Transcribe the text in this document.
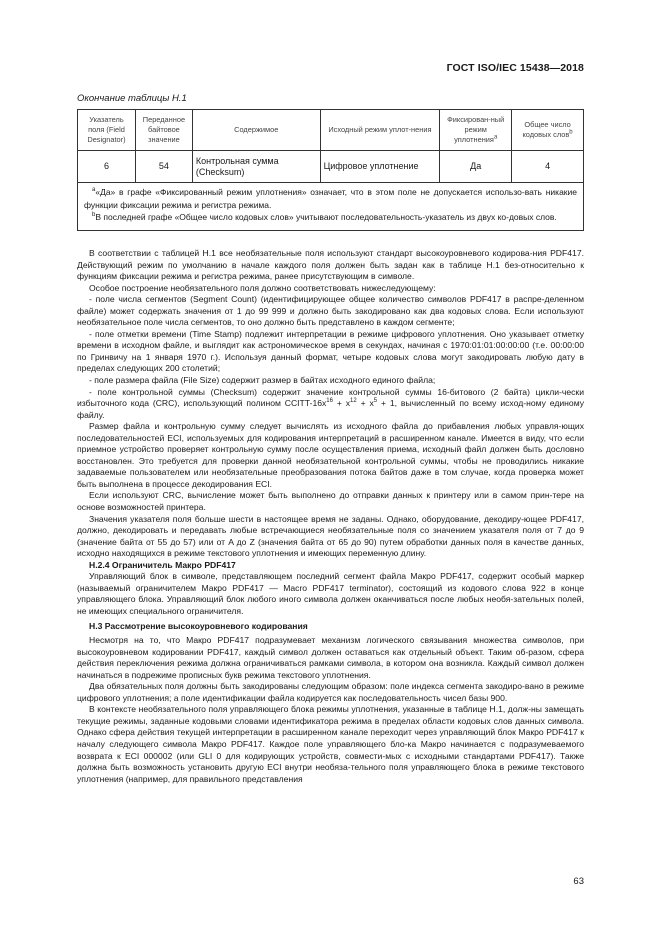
ГОСТ ISO/IEC 15438—2018
Окончание таблицы Н.1
Указатель поля (Field Designator)	Переданное байтовое значение	Содержимое	Исходный режим уплот-нения	Фиксирован-ный режим уплотнения$^a$	Общее число кодовых слов$^b$
6	54	Контрольная сумма (Checksum)	Цифровое уплотнение	Да	4

$^a$«Да» в графе «Фиксированный режим уплотнения» означает, что в этом поле не допускается использо-вать никакие функции фиксации режима и регистра режима.
$^b$В последней графе «Общее число кодовых слов» учитывают последовательность-указатель из двух ко-довых слов.					

В соответствии с таблицей Н.1 все необязательные поля используют стандарт высокоуровневого кодирова-ния PDF417. Действующий режим по умолчанию в начале каждого поля должен быть задан как в таблице Н.1 без-относительно к функциям фиксации режима и регистра режима, ранее присутствующим в символе.

Особое построение необязательного поля должно соответствовать нижеследующему:

- поле числа сегментов (Segment Count) (идентифицирующее общее количество символов PDF417 в распре-деленном файле) может содержать значения от 1 до 99 999 и должно быть закодировано как два кодовых слова. Если используют необязательное поле числа сегментов, то оно должно быть представлено в каждом сегменте;

- поле отметки времени (Time Stamp) подлежит интерпретации в режиме цифрового уплотнения. Оно указывает отметку времени в исходном файле, и выглядит как астрономическое время в секундах, начиная с 1970:01:01:00:00:00 (т.е. 00:00:00 по Гринвичу на 1 января 1970 г.). Используя данный формат, четыре кодовых слова могут закодировать любую дату в пределах следующих 200 столетий;

- поле размера файла (File Size) содержит размер в байтах исходного единого файла;

- поле контрольной суммы (Checksum) содержит значение контрольной суммы 16-битового (2 байта) цикли-чески избыточного кода (CRC), использующий полином CCITT-$16x^{16} + x^{12} + x^5 + 1$, вычисленный по всему исход-ному единому файлу.

Размер файла и контрольную сумму следует вычислять из исходного файла до прибавления любых управля-ющих последовательностей ECI, используемых для кодирования интерпретаций в расширенном канале. Имеется в виду, что если приемное устройство проверяет контрольную сумму после осуществления приема, исходный файл должен быть дословно восстановлен. Это требуется для проверки данной необязательной контрольной суммы, чтобы не проводились никакие задаваемые пользователем или необязательные преобразования потока байтов даже в том случае, когда проверка может быть выполнена в процессе декодирования ECI.

Если используют CRC, вычисление может быть выполнено до отправки данных к принтеру или в самом прин-тере на основе возможностей принтера.

Значения указателя поля больше шести в настоящее время не заданы. Однако, оборудование, декодиру-ющее PDF417, должно, декодировать и передавать любые встречающиеся необязательные поля со значением указателя поля от 7 до 9 (значение байта от 55 до 57) или от A до Z (значения байта от 65 до 90) путем обработки данных поля в качестве данных, исходно находящихся в режиме текстового уплотнения и имеющих переменную длину.

Н.2.4 Ограничитель Макро PDF417

Управляющий блок в символе, представляющем последний сегмент файла Макро PDF417, содержит особый маркер (называемый ограничителем Макро PDF417 — Macro PDF417 terminator), состоящий из кодового слова 922 в конце управляющего блока. Управляющий блок любого иного символа должен оканчиваться после любых необя-зательных полей, не имеющих специального ограничителя.

Н.3 Рассмотрение высокоуровневого кодирования

Несмотря на то, что Макро PDF417 подразумевает механизм логического связывания множества символов, при высокоуровневом кодировании PDF417, каждый символ должен оставаться как отдельный объект. Таким об-разом, сфера действия переключения режима должна ограничиваться рамками символа, в котором она возникла. Каждый символ должен начинаться в подрежиме прописных букв режима текстового уплотнения.

Два обязательных поля должны быть закодированы следующим образом: поле индекса сегмента закодиро-вано в режиме цифрового уплотнения; а поле идентификации файла кодируется как последовательность чисел базы 900.

В контексте необязательного поля управляющего блока режимы уплотнения, указанные в таблице Н.1, долж-ны замещать текущие режимы, заданные кодовыми словами идентификатора режима в пределах области кодовых слов данных символа. Однако сфера действия текущей интерпретации в расширенном канале переходит через управляющий блок Макро PDF417 к началу следующего символа Макро PDF417. Каждое поле управляющего бло-ка Макро начинается с подразумеваемого возврата к ECI 000002 (или GLI 0 для кодирующих устройств, совмести-мых с исходными стандартами PDF417). Также должна быть возможность установить другую ECI внутри необяза-тельного поля управляющего блока в режиме текстового уплотнения (например, для правильного представления

63
